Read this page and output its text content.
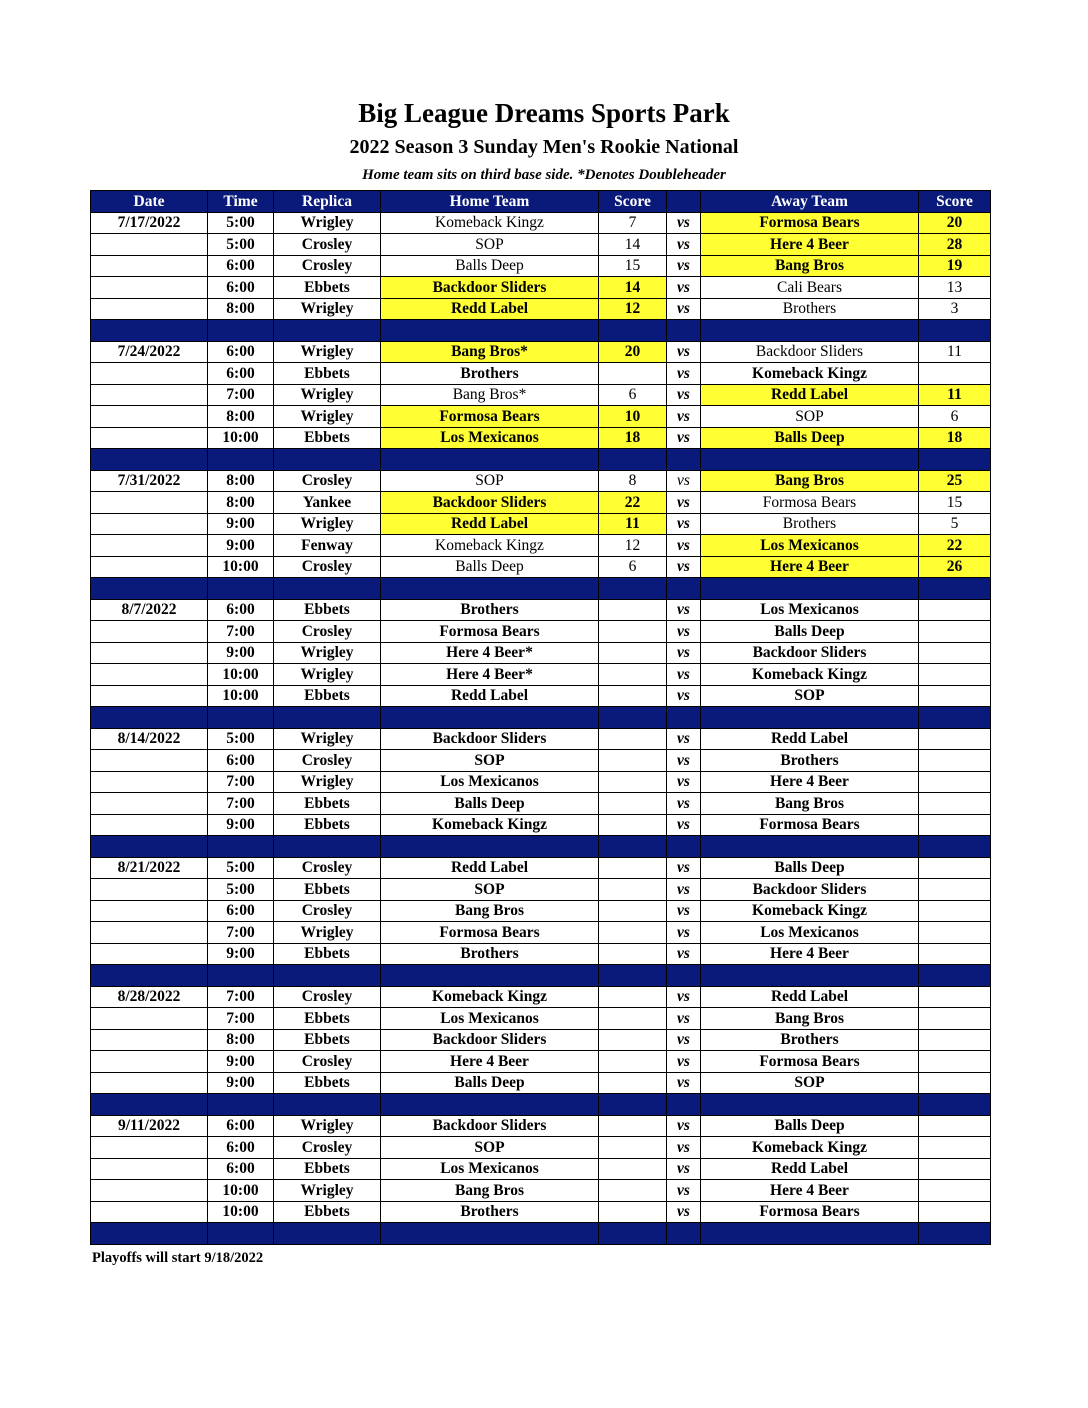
Big League Dreams Sports Park
2022 Season 3 Sunday Men's Rookie National
Home team sits on third base side. *Denotes Doubleheader
Date	Time	Replica	Home Team	Score		Away Team	Score
7/17/2022	5:00	Wrigley	Komeback Kingz	7	vs	Formosa Bears	20
	5:00	Crosley	SOP	14	vs	Here 4 Beer	28
	6:00	Crosley	Balls Deep	15	vs	Bang Bros	19
	6:00	Ebbets	Backdoor Sliders	14	vs	Cali Bears	13
	8:00	Wrigley	Redd Label	12	vs	Brothers	3

7/24/2022	6:00	Wrigley	Bang Bros*	20	vs	Backdoor Sliders	11
	6:00	Ebbets	Brothers		vs	Komeback Kingz	
	7:00	Wrigley	Bang Bros*	6	vs	Redd Label	11
	8:00	Wrigley	Formosa Bears	10	vs	SOP	6
	10:00	Ebbets	Los Mexicanos	18	vs	Balls Deep	18

7/31/2022	8:00	Crosley	SOP	8	vs	Bang Bros	25
	8:00	Yankee	Backdoor Sliders	22	vs	Formosa Bears	15
	9:00	Wrigley	Redd Label	11	vs	Brothers	5
	9:00	Fenway	Komeback Kingz	12	vs	Los Mexicanos	22
	10:00	Crosley	Balls Deep	6	vs	Here 4 Beer	26

8/7/2022	6:00	Ebbets	Brothers		vs	Los Mexicanos	
	7:00	Crosley	Formosa Bears		vs	Balls Deep	
	9:00	Wrigley	Here 4 Beer*		vs	Backdoor Sliders	
	10:00	Wrigley	Here 4 Beer*		vs	Komeback Kingz	
	10:00	Ebbets	Redd Label		vs	SOP	

8/14/2022	5:00	Wrigley	Backdoor Sliders		vs	Redd Label	
	6:00	Crosley	SOP		vs	Brothers	
	7:00	Wrigley	Los Mexicanos		vs	Here 4 Beer	
	7:00	Ebbets	Balls Deep		vs	Bang Bros	
	9:00	Ebbets	Komeback Kingz		vs	Formosa Bears	

8/21/2022	5:00	Crosley	Redd Label		vs	Balls Deep	
	5:00	Ebbets	SOP		vs	Backdoor Sliders	
	6:00	Crosley	Bang Bros		vs	Komeback Kingz	
	7:00	Wrigley	Formosa Bears		vs	Los Mexicanos	
	9:00	Ebbets	Brothers		vs	Here 4 Beer	

8/28/2022	7:00	Crosley	Komeback Kingz		vs	Redd Label	
	7:00	Ebbets	Los Mexicanos		vs	Bang Bros	
	8:00	Ebbets	Backdoor Sliders		vs	Brothers	
	9:00	Crosley	Here 4 Beer		vs	Formosa Bears	
	9:00	Ebbets	Balls Deep		vs	SOP	

9/11/2022	6:00	Wrigley	Backdoor Sliders		vs	Balls Deep	
	6:00	Crosley	SOP		vs	Komeback Kingz	
	6:00	Ebbets	Los Mexicanos		vs	Redd Label	
	10:00	Wrigley	Bang Bros		vs	Here 4 Beer	
	10:00	Ebbets	Brothers		vs	Formosa Bears	

Playoffs will start 9/18/2022
